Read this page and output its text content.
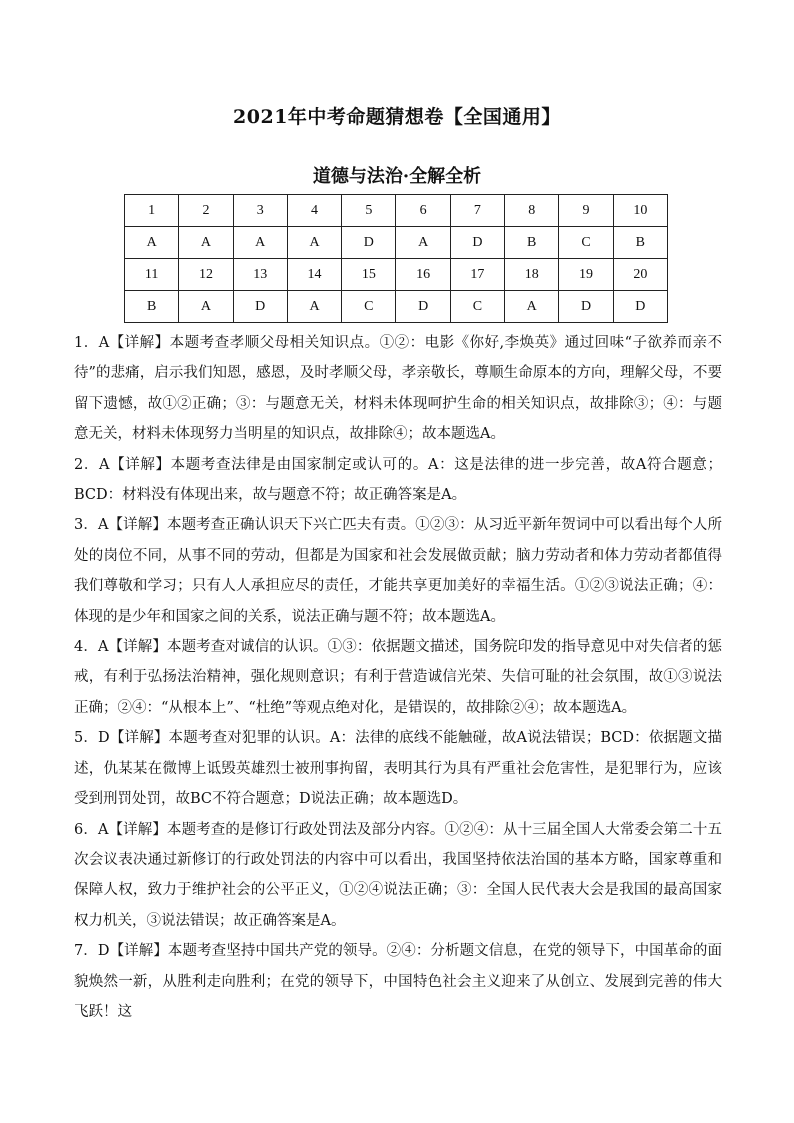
2021年中考命题猜想卷【全国通用】
道德与法治·全解全析
1	2	3	4	5	6	7	8	9	10
A	A	A	A	D	A	D	B	C	B
11	12	13	14	15	16	17	18	19	20
B	A	D	A	C	D	C	A	D	D

1．A【详解】本题考查孝顺父母相关知识点。①②：电影《你好,李焕英》通过回味“子欲养而亲不待”的悲痛，启示我们知恩，感恩，及时孝顺父母，孝亲敬长，尊顺生命原本的方向，理解父母，不要留下遗憾，故①②正确；③：与题意无关，材料未体现呵护生命的相关知识点，故排除③；④：与题意无关，材料未体现努力当明星的知识点，故排除④；故本题选A。

2．A【详解】本题考查法律是由国家制定或认可的。A：这是法律的进一步完善，故A符合题意；BCD：材料没有体现出来，故与题意不符；故正确答案是A。

3．A【详解】本题考查正确认识天下兴亡匹夫有责。①②③：从习近平新年贺词中可以看出每个人所处的岗位不同，从事不同的劳动，但都是为国家和社会发展做贡献；脑力劳动者和体力劳动者都值得我们尊敬和学习；只有人人承担应尽的责任，才能共享更加美好的幸福生活。①②③说法正确；④：体现的是少年和国家之间的关系，说法正确与题不符；故本题选A。

4．A【详解】本题考查对诚信的认识。①③：依据题文描述，国务院印发的指导意见中对失信者的惩戒，有利于弘扬法治精神，强化规则意识；有利于营造诚信光荣、失信可耻的社会氛围，故①③说法正确；②④：“从根本上”、“杜绝”等观点绝对化，是错误的，故排除②④；故本题选A。

5．D【详解】本题考查对犯罪的认识。A：法律的底线不能触碰，故A说法错误；BCD：依据题文描述，仇某某在微博上诋毁英雄烈士被刑事拘留，表明其行为具有严重社会危害性，是犯罪行为，应该受到刑罚处罚，故BC不符合题意；D说法正确；故本题选D。

6．A【详解】本题考查的是修订行政处罚法及部分内容。①②④：从十三届全国人大常委会第二十五次会议表决通过新修订的行政处罚法的内容中可以看出，我国坚持依法治国的基本方略，国家尊重和保障人权，致力于维护社会的公平正义，①②④说法正确；③：全国人民代表大会是我国的最高国家权力机关，③说法错误；故正确答案是A。

7．D【详解】本题考查坚持中国共产党的领导。②④：分析题文信息，在党的领导下，中国革命的面貌焕然一新，从胜利走向胜利；在党的领导下，中国特色社会主义迎来了从创立、发展到完善的伟大飞跃！这
